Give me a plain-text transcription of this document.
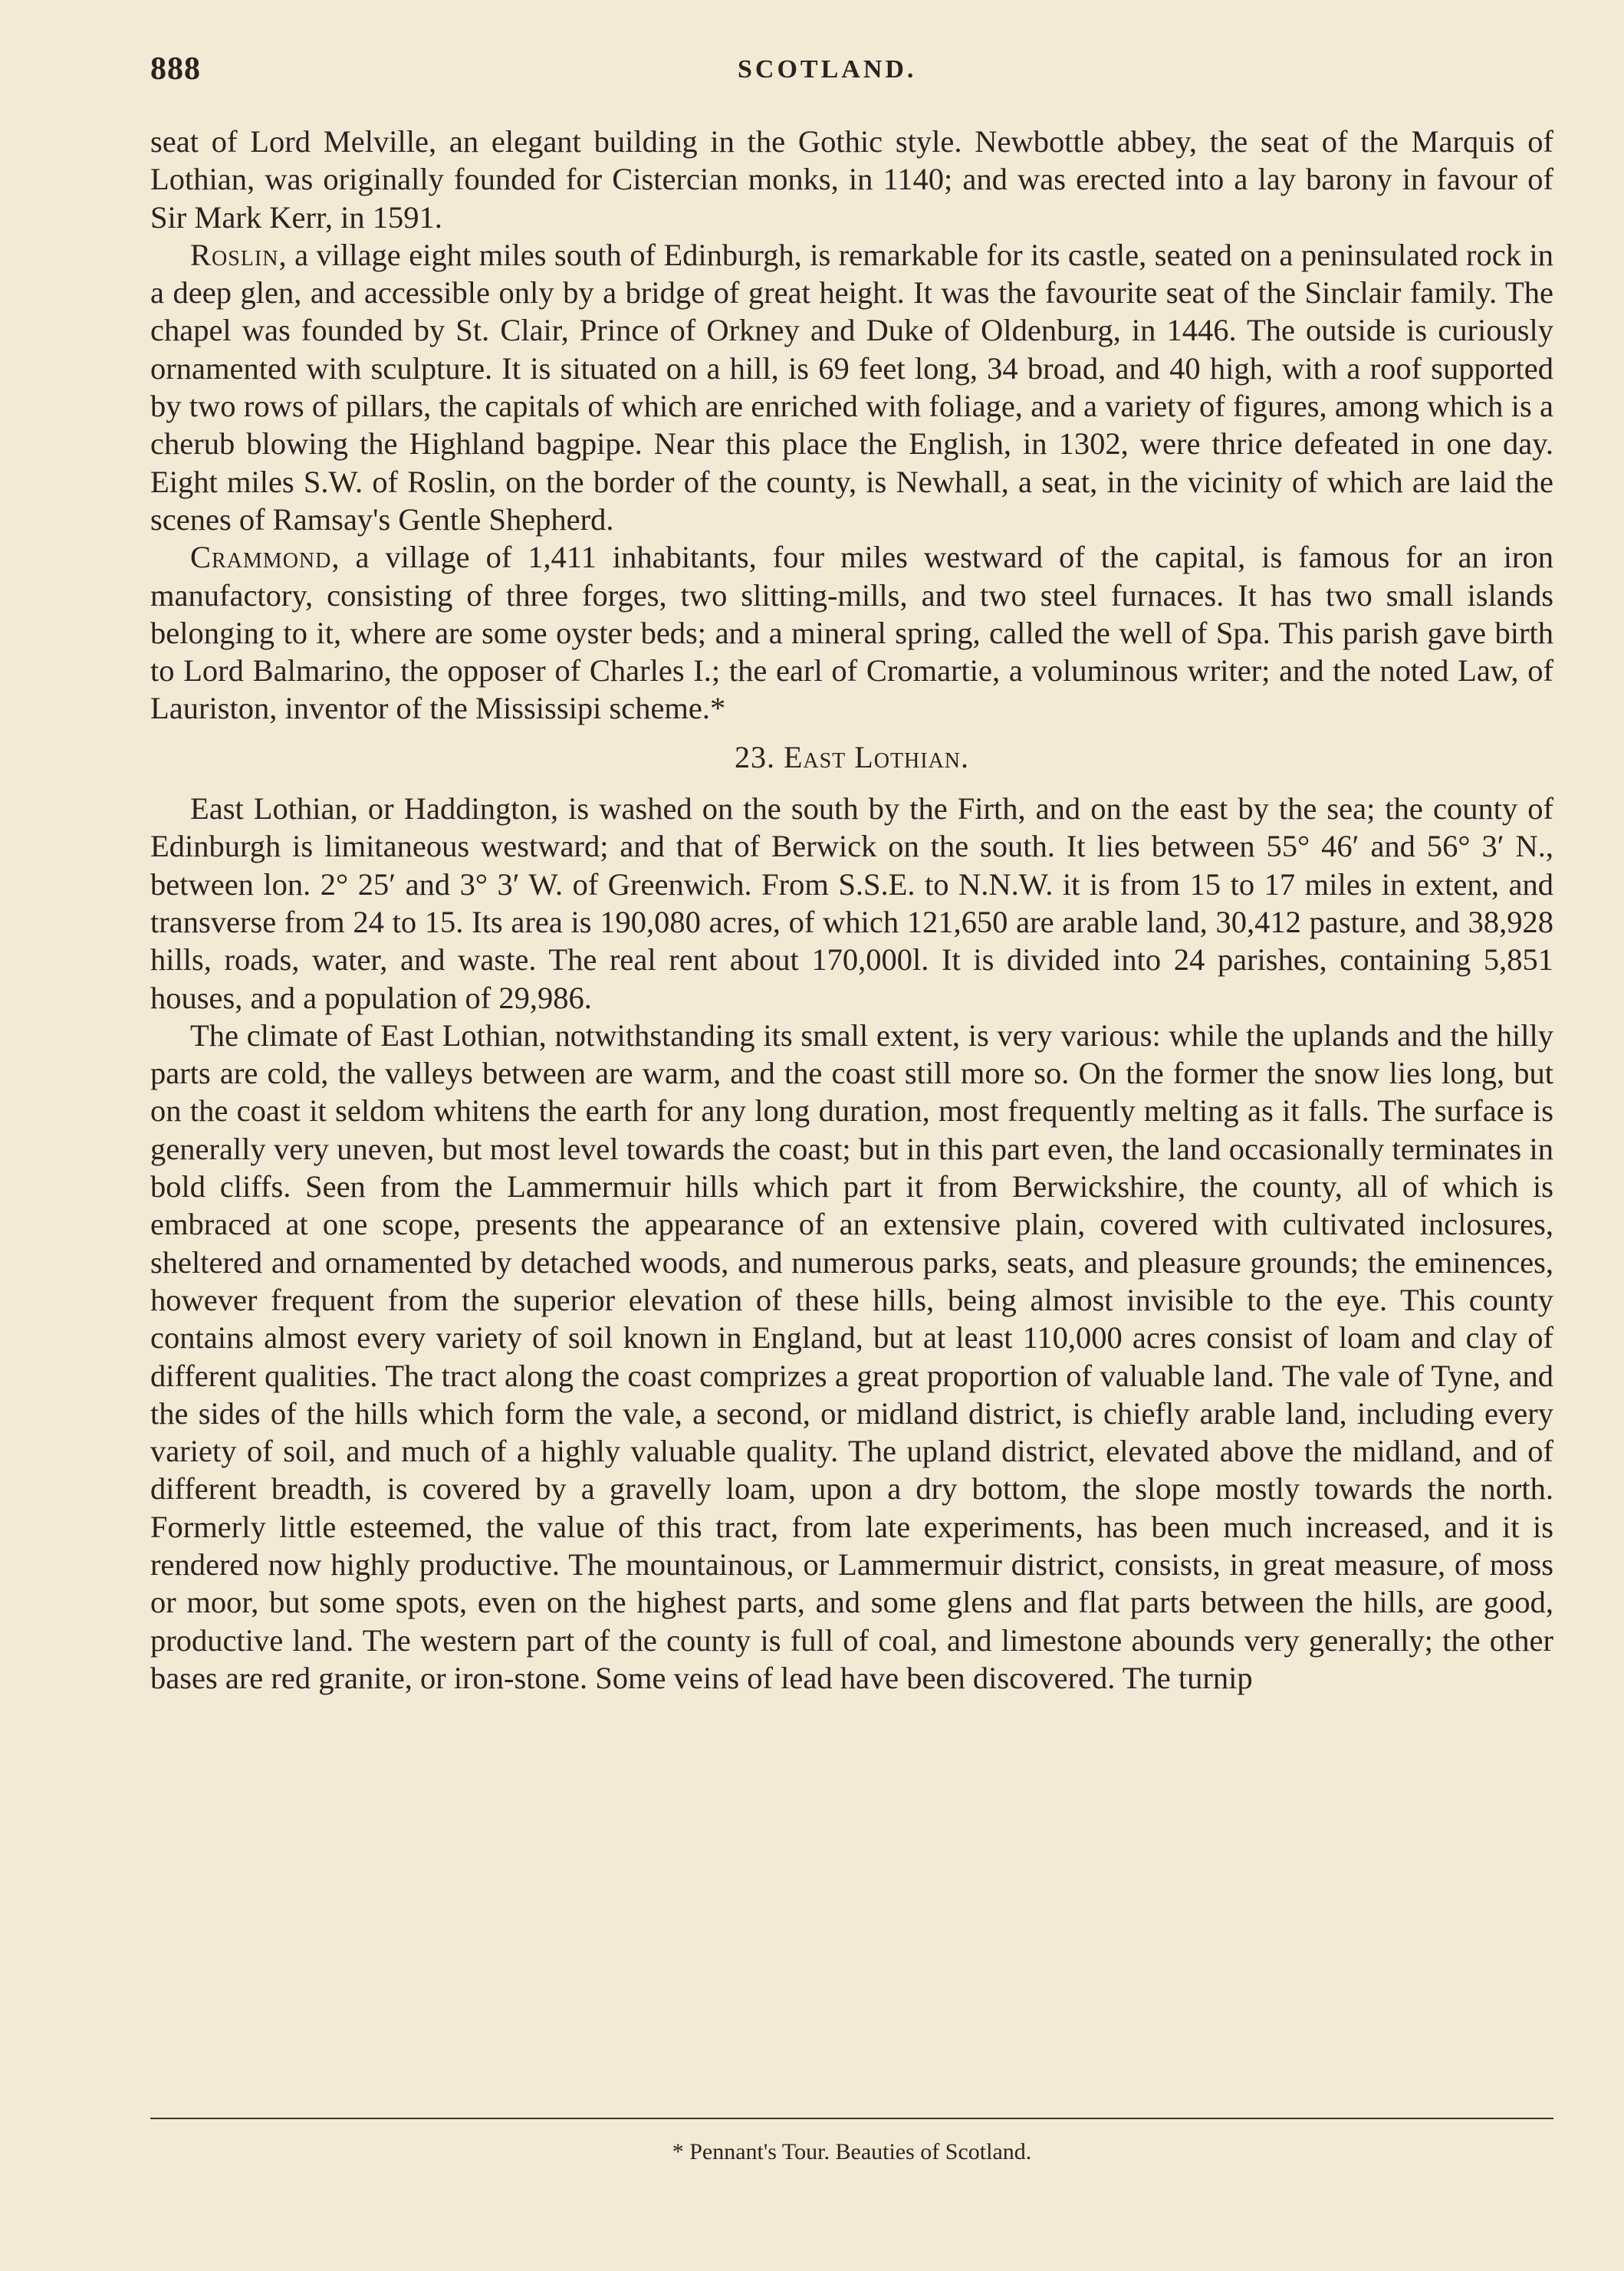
888	SCOTLAND.

seat of Lord Melville, an elegant building in the Gothic style. Newbottle abbey, the seat of the Marquis of Lothian, was originally founded for Cistercian monks, in 1140; and was erected into a lay barony in favour of Sir Mark Kerr, in 1591.

Roslin, a village eight miles south of Edinburgh, is remarkable for its castle, seated on a peninsulated rock in a deep glen, and accessible only by a bridge of great height. It was the favourite seat of the Sinclair family. The chapel was founded by St. Clair, Prince of Orkney and Duke of Oldenburg, in 1446. The outside is curiously ornamented with sculpture. It is situated on a hill, is 69 feet long, 34 broad, and 40 high, with a roof supported by two rows of pillars, the capitals of which are enriched with foliage, and a variety of figures, among which is a cherub blowing the Highland bagpipe. Near this place the English, in 1302, were thrice defeated in one day. Eight miles S.W. of Roslin, on the border of the county, is Newhall, a seat, in the vicinity of which are laid the scenes of Ramsay's Gentle Shepherd.

Crammond, a village of 1,411 inhabitants, four miles westward of the capital, is famous for an iron manufactory, consisting of three forges, two slitting-mills, and two steel furnaces. It has two small islands belonging to it, where are some oyster beds; and a mineral spring, called the well of Spa. This parish gave birth to Lord Balmarino, the opposer of Charles I.; the earl of Cromartie, a voluminous writer; and the noted Law, of Lauriston, inventor of the Mississipi scheme.*

23. East Lothian.

East Lothian, or Haddington, is washed on the south by the Firth, and on the east by the sea; the county of Edinburgh is limitaneous westward; and that of Berwick on the south. It lies between 55° 46′ and 56° 3′ N., between lon. 2° 25′ and 3° 3′ W. of Greenwich. From S.S.E. to N.N.W. it is from 15 to 17 miles in extent, and transverse from 24 to 15. Its area is 190,080 acres, of which 121,650 are arable land, 30,412 pasture, and 38,928 hills, roads, water, and waste. The real rent about 170,000l. It is divided into 24 parishes, containing 5,851 houses, and a population of 29,986.

The climate of East Lothian, notwithstanding its small extent, is very various: while the uplands and the hilly parts are cold, the valleys between are warm, and the coast still more so. On the former the snow lies long, but on the coast it seldom whitens the earth for any long duration, most frequently melting as it falls. The surface is generally very uneven, but most level towards the coast; but in this part even, the land occasionally terminates in bold cliffs. Seen from the Lammermuir hills which part it from Berwickshire, the county, all of which is embraced at one scope, presents the appearance of an extensive plain, covered with cultivated inclosures, sheltered and ornamented by detached woods, and numerous parks, seats, and pleasure grounds; the eminences, however frequent from the superior elevation of these hills, being almost invisible to the eye. This county contains almost every variety of soil known in England, but at least 110,000 acres consist of loam and clay of different qualities. The tract along the coast comprizes a great proportion of valuable land. The vale of Tyne, and the sides of the hills which form the vale, a second, or midland district, is chiefly arable land, including every variety of soil, and much of a highly valuable quality. The upland district, elevated above the midland, and of different breadth, is covered by a gravelly loam, upon a dry bottom, the slope mostly towards the north. Formerly little esteemed, the value of this tract, from late experiments, has been much increased, and it is rendered now highly productive. The mountainous, or Lammermuir district, consists, in great measure, of moss or moor, but some spots, even on the highest parts, and some glens and flat parts between the hills, are good, productive land. The western part of the county is full of coal, and limestone abounds very generally; the other bases are red granite, or iron-stone. Some veins of lead have been discovered. The turnip

* Pennant's Tour. Beauties of Scotland.
